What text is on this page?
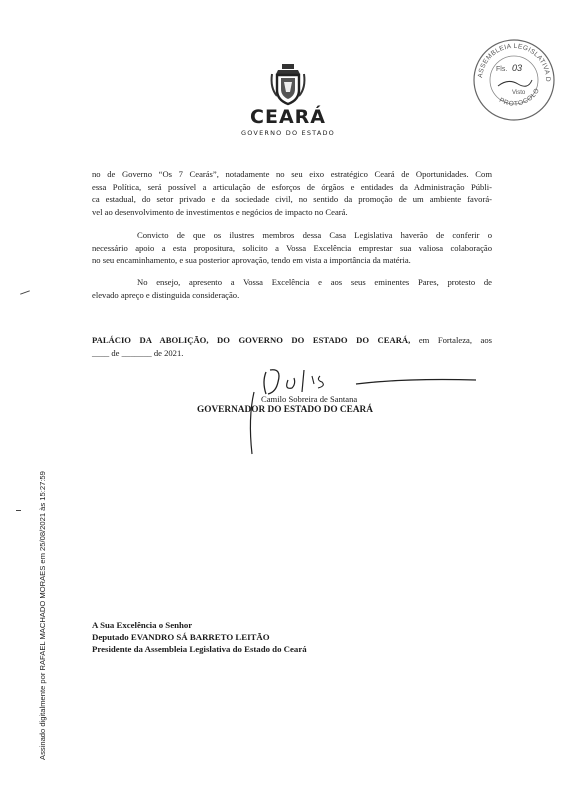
CEARÁ
GOVERNO DO ESTADO
ASSEMBLEIA LEGISLATIVA D
PROTOCOLO
Fls. 03
Visto
no de Governo “Os 7 Cearás”, notadamente no seu eixo estratégico Ceará de Oportunidades. Com
essa Política, será possível a articulação de esforços de órgãos e entidades da Administração Públi-
ca estadual, do setor privado e da sociedade civil, no sentido da promoção de um ambiente favorá-
vel ao desenvolvimento de investimentos e negócios de impacto no Ceará.
Convicto de que os ilustres membros dessa Casa Legislativa haverão de conferir o
necessário apoio a esta propositura, solicito a Vossa Excelência emprestar sua valiosa colaboração
no seu encaminhamento, e sua posterior aprovação, tendo em vista a importância da matéria.
No ensejo, apresento a Vossa Excelência e aos seus eminentes Pares, protesto de
elevado apreço e distinguida consideração.
PALÁCIO DA ABOLIÇÃO, DO GOVERNO DO ESTADO DO CEARÁ, em Fortaleza, aos
____ de _______ de 2021.
Camilo Sobreira de Santana
GOVERNADOR DO ESTADO DO CEARÁ
A Sua Excelência o Senhor
Deputado EVANDRO SÁ BARRETO LEITÃO
Presidente da Assembleia Legislativa do Estado do Ceará
Assinado digitalmente por RAFAEL MACHADO MORAES em 25/08/2021 às 15:27:59
